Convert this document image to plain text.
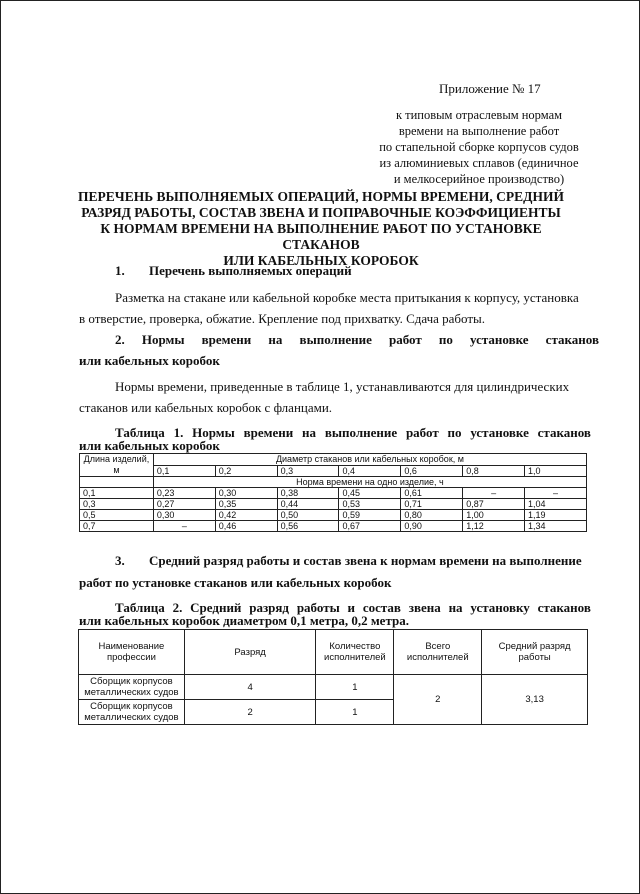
Приложение № 17
к типовым отраслевым нормам
времени на выполнение работ
по стапельной сборке корпусов судов
из алюминиевых сплавов (единичное
и мелкосерийное производство)
ПЕРЕЧЕНЬ ВЫПОЛНЯЕМЫХ ОПЕРАЦИЙ, НОРМЫ ВРЕМЕНИ, СРЕДНИЙ
РАЗРЯД РАБОТЫ, СОСТАВ ЗВЕНА И ПОПРАВОЧНЫЕ КОЭФФИЦИЕНТЫ
К НОРМАМ ВРЕМЕНИ НА ВЫПОЛНЕНИЕ РАБОТ ПО УСТАНОВКЕ СТАКАНОВ
ИЛИ КАБЕЛЬНЫХ КОРОБОК
1. Перечень выполняемых операций
Разметка на стакане или кабельной коробке места притыкания к корпусу, установка
в отверстие, проверка, обжатие. Крепление под прихватку. Сдача работы.
2. Нормы времени на выполнение работ по установке стаканов
или кабельных коробок
Нормы времени, приведенные в таблице 1, устанавливаются для цилиндрических
стаканов или кабельных коробок с фланцами.
Таблица 1. Нормы времени на выполнение работ по установке стаканов
или кабельных коробок
Длина изделий, м	Диаметр стаканов или кабельных коробок, м						
	0,1	0,2	0,3	0,4	0,6	0,8	1,0
	Норма времени на одно изделие, ч						
0,1	0,23	0,30	0,38	0,45	0,61	–	–
0,3	0,27	0,35	0,44	0,53	0,71	0,87	1,04
0,5	0,30	0,42	0,50	0,59	0,80	1,00	1,19
0,7	–	0,46	0,56	0,67	0,90	1,12	1,34
3. Средний разряд работы и состав звена к нормам времени на выполнение
работ по установке стаканов или кабельных коробок
Таблица 2. Средний разряд работы и состав звена на установку стаканов
или кабельных коробок диаметром 0,1 метра, 0,2 метра.
Наименование профессии	Разряд	Количество исполнителей	Всего исполнителей	Средний разряд работы
Сборщик корпусов металлических судов	4	1	2	3,13
Сборщик корпусов металлических судов	2	1		
